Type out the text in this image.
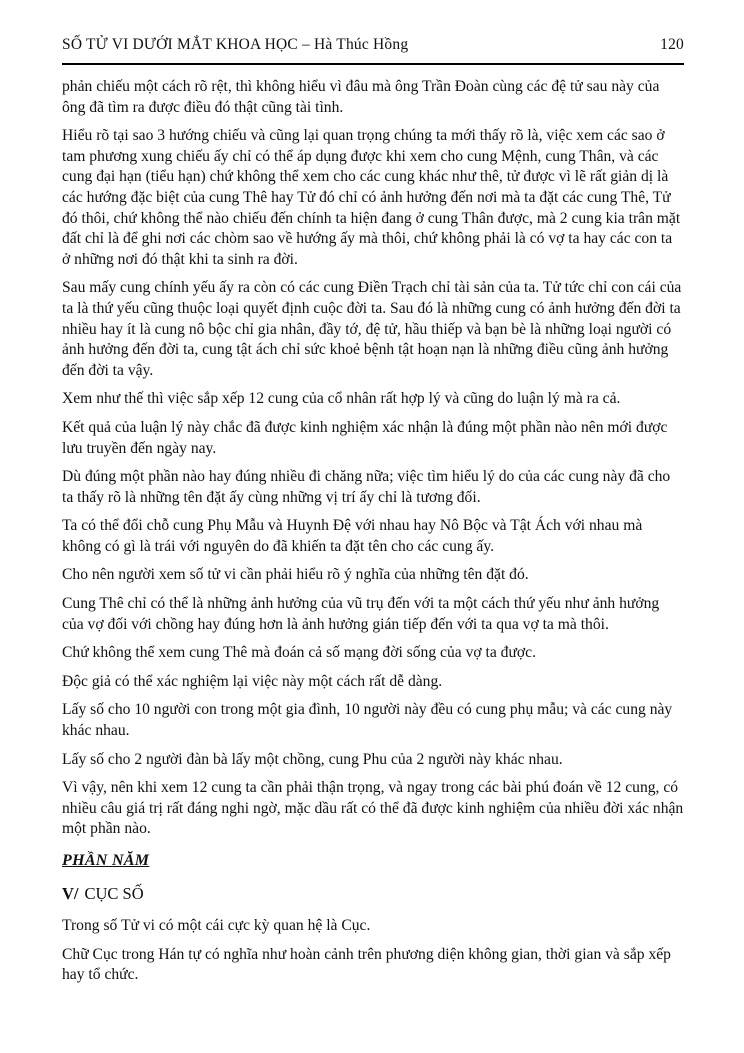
SỐ TỬ VI DƯỚI MẮT KHOA HỌC – Hà Thúc Hồng	120

phản chiếu một cách rõ rệt, thì không hiểu vì đâu mà ông Trần Đoàn cùng các đệ tử sau này của ông đã tìm ra được điều đó thật cũng tài tình.

Hiểu rõ tại sao 3 hướng chiếu và cũng lại quan trọng chúng ta mới thấy rõ là, việc xem các sao ở tam phương xung chiếu ấy chỉ có thể áp dụng được khi xem cho cung Mệnh, cung Thân, và các cung đại hạn (tiểu hạn) chứ không thể xem cho các cung khác như thê, tử được vì lẽ rất giản dị là các hướng đặc biệt của cung Thê hay Tử đó chỉ có ảnh hưởng đến nơi mà ta đặt các cung Thê, Tử đó thôi, chứ không thể nào chiếu đến chính ta hiện đang ở cung Thân được, mà 2 cung kia trân mặt đất chỉ là để ghi nơi các chòm sao về hướng ấy mà thôi, chứ không phải là có vợ ta hay các con ta ở những nơi đó thật khi ta sinh ra đời.

Sau mấy cung chính yếu ấy ra còn có các cung Điền Trạch chỉ tài sản của ta. Tử tức chỉ con cái của ta là thứ yếu cũng thuộc loại quyết định cuộc đời ta. Sau đó là những cung có ảnh hưởng đến đời ta nhiều hay ít là cung nô bộc chỉ gia nhân, đầy tớ, đệ tử, hầu thiếp và bạn bè là những loại người có ảnh hưởng đến đời ta, cung tật ách chỉ sức khoẻ bệnh tật hoạn nạn là những điều cũng ảnh hưởng đến đời ta vậy.

Xem như thế thì việc sắp xếp 12 cung của cổ nhân rất hợp lý và cũng do luận lý mà ra cả.

Kết quả của luận lý này chắc đã được kinh nghiệm xác nhận là đúng một phần nào nên mới được lưu truyền đến ngày nay.

Dù đúng một phần nào hay đúng nhiều đi chăng nữa; việc tìm hiểu lý do của các cung này đã cho ta thấy rõ là những tên đặt ấy cùng những vị trí ấy chỉ là tương đối.

Ta có thể đổi chỗ cung Phụ Mẫu và Huynh Đệ với nhau hay Nô Bộc và Tật Ách với nhau mà không có gì là trái với nguyên do đã khiến ta đặt tên cho các cung ấy.

Cho nên người xem số tử vi cần phải hiểu rõ ý nghĩa của những tên đặt đó.

Cung Thê chỉ có thể là những ảnh hưởng của vũ trụ đến với ta một cách thứ yếu như ảnh hưởng của vợ đối với chồng hay đúng hơn là ảnh hưởng gián tiếp đến với ta qua vợ ta mà thôi.

Chứ không thể xem cung Thê mà đoán cả số mạng đời sống của vợ ta được.

Độc giả có thể xác nghiệm lại việc này một cách rất dễ dàng.

Lấy số cho 10 người con trong một gia đình, 10 người này đều có cung phụ mẫu; và các cung này khác nhau.

Lấy số cho 2 người đàn bà lấy một chồng, cung Phu của 2 người này khác nhau.

Vì vậy, nên khi xem 12 cung ta cần phải thận trọng, và ngay trong các bài phú đoán về 12 cung, có nhiều câu giá trị rất đáng nghi ngờ, mặc dầu rất có thể đã được kinh nghiệm của nhiều đời xác nhận một phần nào.

PHẦN NĂM
V/ CỤC SỐ

Trong số Tử vi có một cái cực kỳ quan hệ là Cục.

Chữ Cục trong Hán tự có nghĩa như hoàn cảnh trên phương diện không gian, thời gian và sắp xếp hay tổ chức.
